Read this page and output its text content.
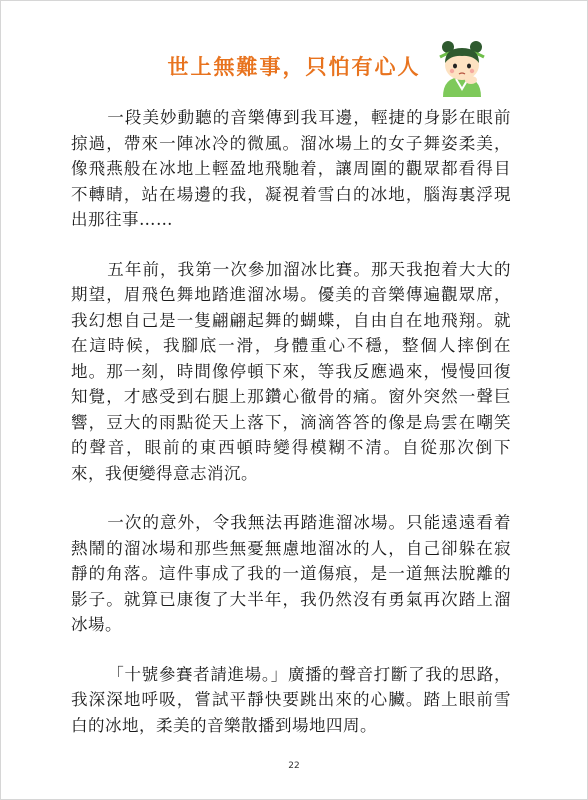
世上無難事，只怕有心人

一段美妙動聽的音樂傳到我耳邊，輕捷的身影在眼前掠過，帶來一陣冰冷的微風。溜冰場上的女子舞姿柔美，像飛燕般在冰地上輕盈地飛馳着，讓周圍的觀眾都看得目不轉睛，站在場邊的我，凝視着雪白的冰地，腦海裏浮現出那往事……

五年前，我第一次參加溜冰比賽。那天我抱着大大的期望，眉飛色舞地踏進溜冰場。優美的音樂傳遍觀眾席，我幻想自己是一隻翩翩起舞的蝴蝶，自由自在地飛翔。就在這時候，我腳底一滑，身體重心不穩，整個人摔倒在地。那一刻，時間像停頓下來，等我反應過來，慢慢回復知覺，才感受到右腿上那鑽心徹骨的痛。窗外突然一聲巨響，豆大的雨點從天上落下，滴滴答答的像是烏雲在嘲笑的聲音，眼前的東西頓時變得模糊不清。自從那次倒下來，我便變得意志消沉。

一次的意外，令我無法再踏進溜冰場。只能遠遠看着熱鬧的溜冰場和那些無憂無慮地溜冰的人，自己卻躲在寂靜的角落。這件事成了我的一道傷痕，是一道無法脫離的影子。就算已康復了大半年，我仍然沒有勇氣再次踏上溜冰場。

「十號參賽者請進場。」廣播的聲音打斷了我的思路，我深深地呼吸，嘗試平靜快要跳出來的心臟。踏上眼前雪白的冰地，柔美的音樂散播到場地四周。

22
